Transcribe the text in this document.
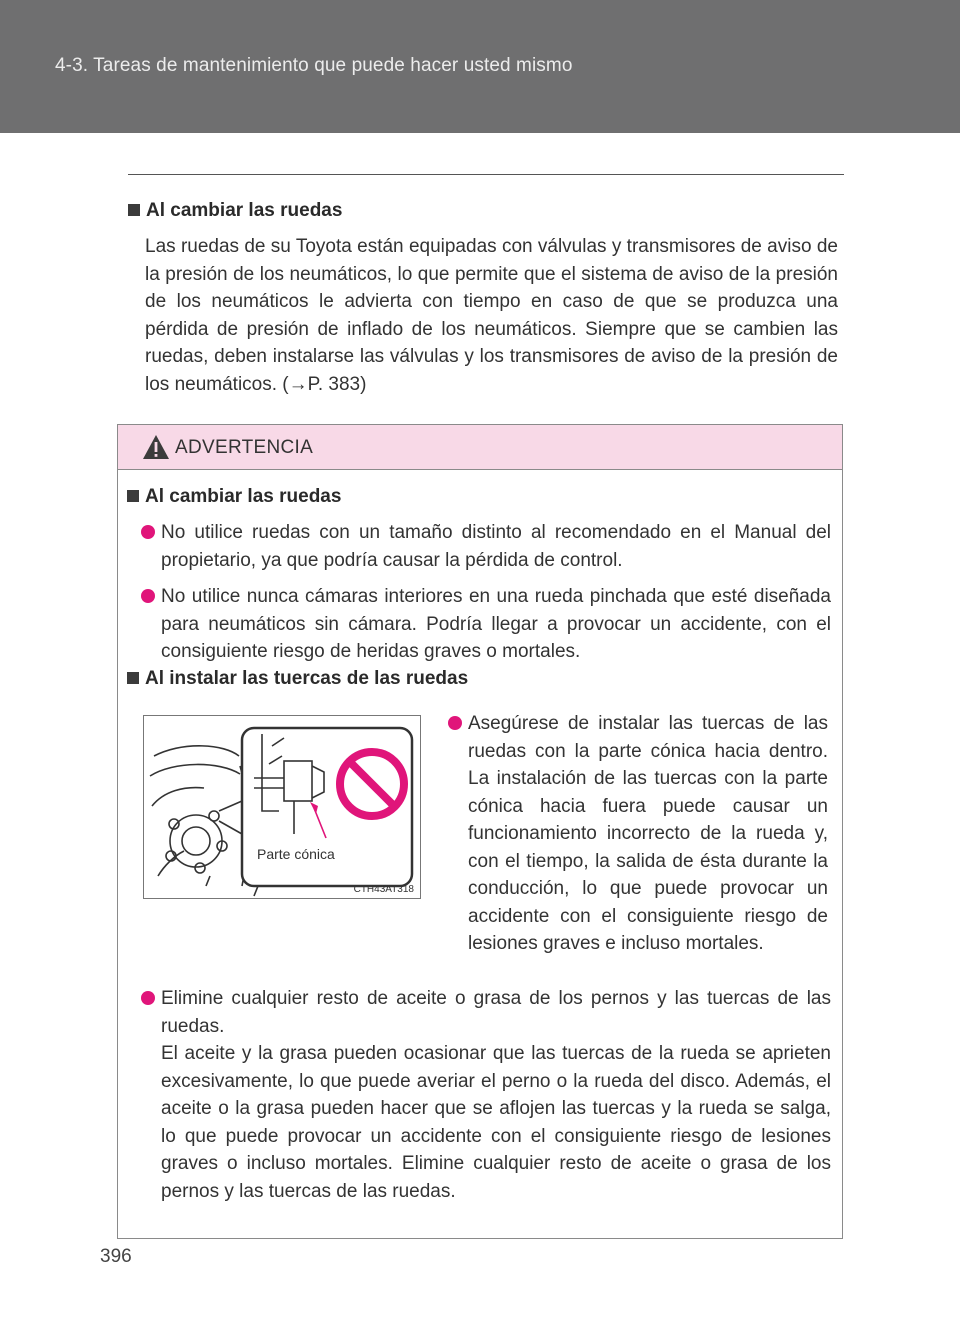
4-3. Tareas de mantenimiento que puede hacer usted mismo
Al cambiar las ruedas
Las ruedas de su Toyota están equipadas con válvulas y transmisores de aviso de la presión de los neumáticos, lo que permite que el sistema de aviso de la presión de los neumáticos le advierta con tiempo en caso de que se produzca una pérdida de presión de inflado de los neumáticos. Siempre que se cambien las ruedas, deben instalarse las válvulas y los transmisores de aviso de la presión de los neumáticos. (→P. 383)
ADVERTENCIA
Al cambiar las ruedas
No utilice ruedas con un tamaño distinto al recomendado en el Manual del propietario, ya que podría causar la pérdida de control.
No utilice nunca cámaras interiores en una rueda pinchada que esté diseñada para neumáticos sin cámara. Podría llegar a provocar un accidente, con el consiguiente riesgo de heridas graves o mortales.
Al instalar las tuercas de las ruedas
Parte cónica
CTH43AT318
Asegúrese de instalar las tuercas de las ruedas con la parte cónica hacia dentro. La instalación de las tuercas con la parte cónica hacia fuera puede causar un funcionamiento incorrecto de la rueda y, con el tiempo, la salida de ésta durante la conducción, lo que puede provocar un accidente con el consiguiente riesgo de lesiones graves e incluso mortales.
Elimine cualquier resto de aceite o grasa de los pernos y las tuercas de las ruedas.
El aceite y la grasa pueden ocasionar que las tuercas de la rueda se aprieten excesivamente, lo que puede averiar el perno o la rueda del disco. Además, el aceite o la grasa pueden hacer que se aflojen las tuercas y la rueda se salga, lo que puede provocar un accidente con el consiguiente riesgo de lesiones graves o incluso mortales. Elimine cualquier resto de aceite o grasa de los pernos y las tuercas de las ruedas.
396
